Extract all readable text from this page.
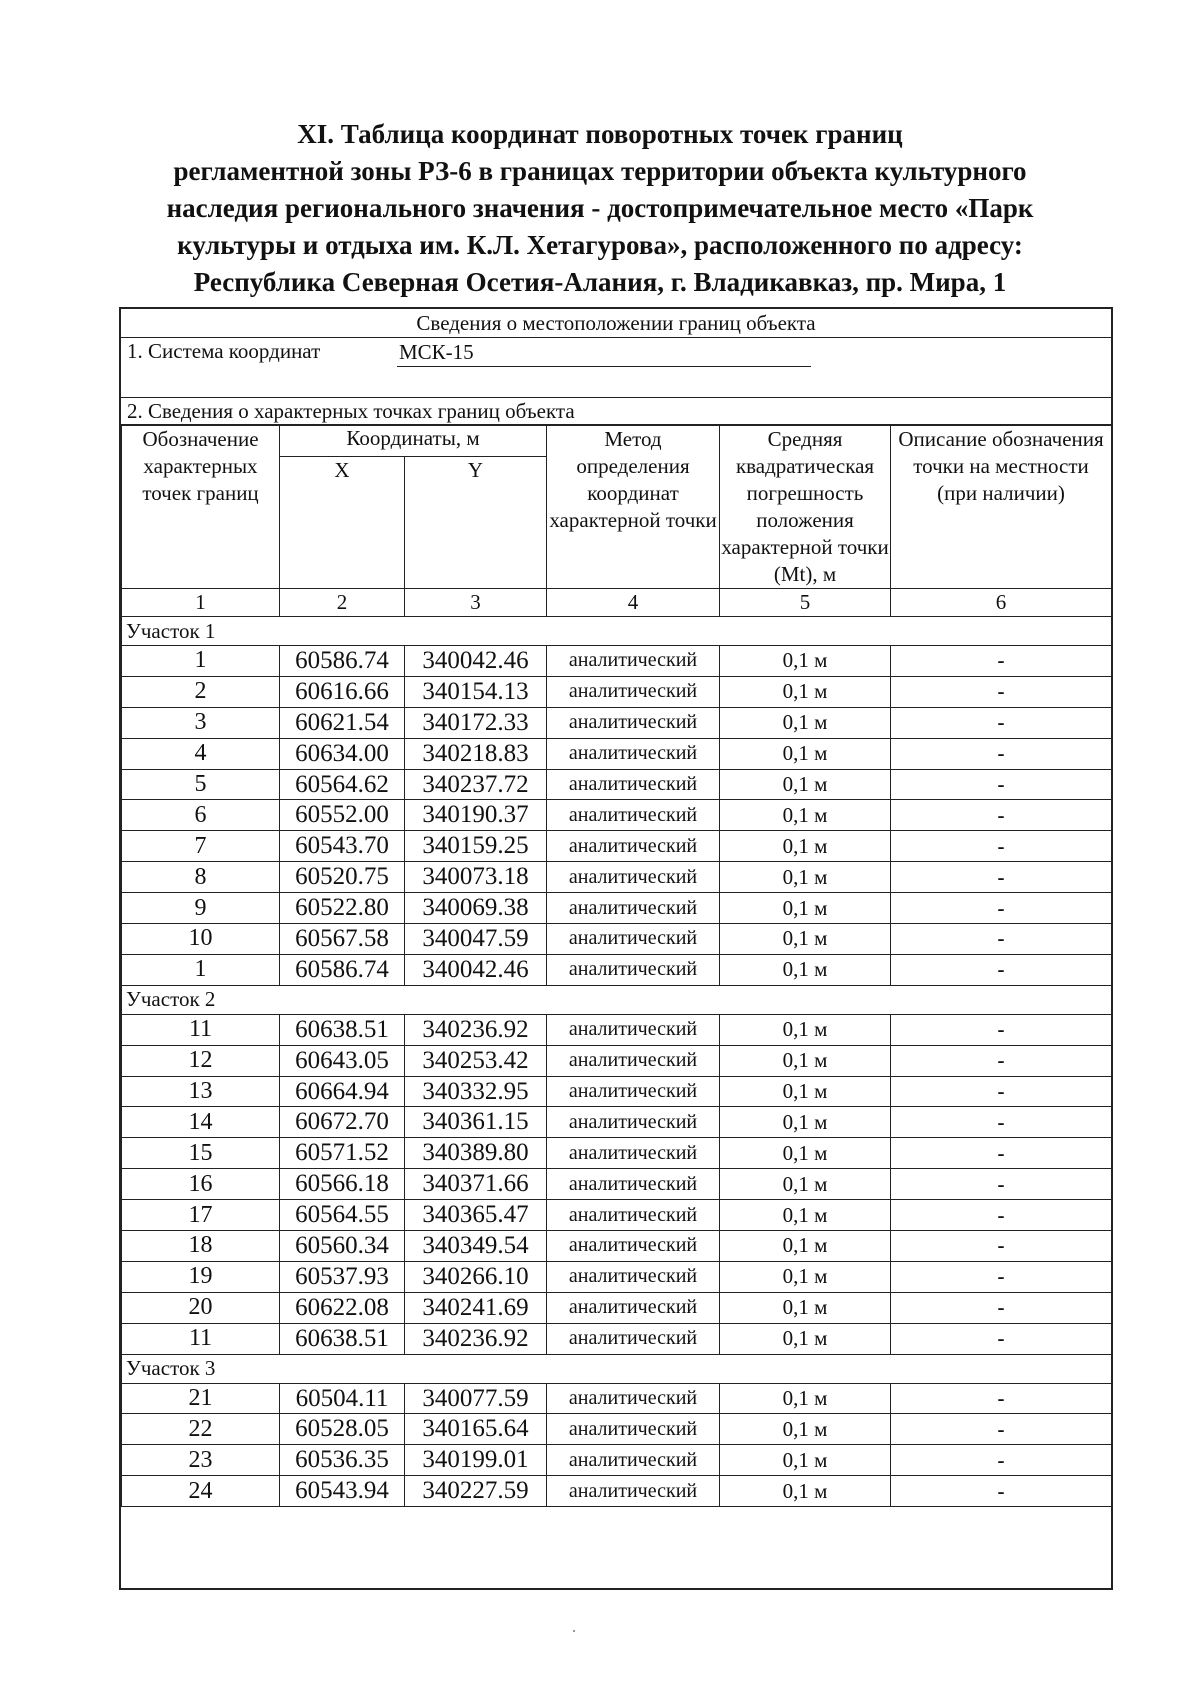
XI. Таблица координат поворотных точек границ
регламентной зоны РЗ-6 в границах территории объекта культурного
наследия регионального значения - достопримечательное место «Парк
культуры и отдыха им. К.Л. Хетагурова», расположенного по адресу:
Республика Северная Осетия-Алания, г. Владикавказ, пр. Мира, 1
Сведения о местоположении границ объекта
1. Система координат	МСК-15
2. Сведения о характерных точках границ объекта
Обозначение характерных точек границ	Координаты, м		Метод определения координат характерной точки	Средняя квадратическая погрешность положения характерной точки (Mt), м	Описание обозначения точки на местности (при наличии)
	X	Y			
1	2	3	4	5	6
Участок 1					
1	60586.74	340042.46	аналитический	0,1 м	-
2	60616.66	340154.13	аналитический	0,1 м	-
3	60621.54	340172.33	аналитический	0,1 м	-
4	60634.00	340218.83	аналитический	0,1 м	-
5	60564.62	340237.72	аналитический	0,1 м	-
6	60552.00	340190.37	аналитический	0,1 м	-
7	60543.70	340159.25	аналитический	0,1 м	-
8	60520.75	340073.18	аналитический	0,1 м	-
9	60522.80	340069.38	аналитический	0,1 м	-
10	60567.58	340047.59	аналитический	0,1 м	-
1	60586.74	340042.46	аналитический	0,1 м	-
Участок 2					
11	60638.51	340236.92	аналитический	0,1 м	-
12	60643.05	340253.42	аналитический	0,1 м	-
13	60664.94	340332.95	аналитический	0,1 м	-
14	60672.70	340361.15	аналитический	0,1 м	-
15	60571.52	340389.80	аналитический	0,1 м	-
16	60566.18	340371.66	аналитический	0,1 м	-
17	60564.55	340365.47	аналитический	0,1 м	-
18	60560.34	340349.54	аналитический	0,1 м	-
19	60537.93	340266.10	аналитический	0,1 м	-
20	60622.08	340241.69	аналитический	0,1 м	-
11	60638.51	340236.92	аналитический	0,1 м	-
Участок 3					
21	60504.11	340077.59	аналитический	0,1 м	-
22	60528.05	340165.64	аналитический	0,1 м	-
23	60536.35	340199.01	аналитический	0,1 м	-
24	60543.94	340227.59	аналитический	0,1 м	-
